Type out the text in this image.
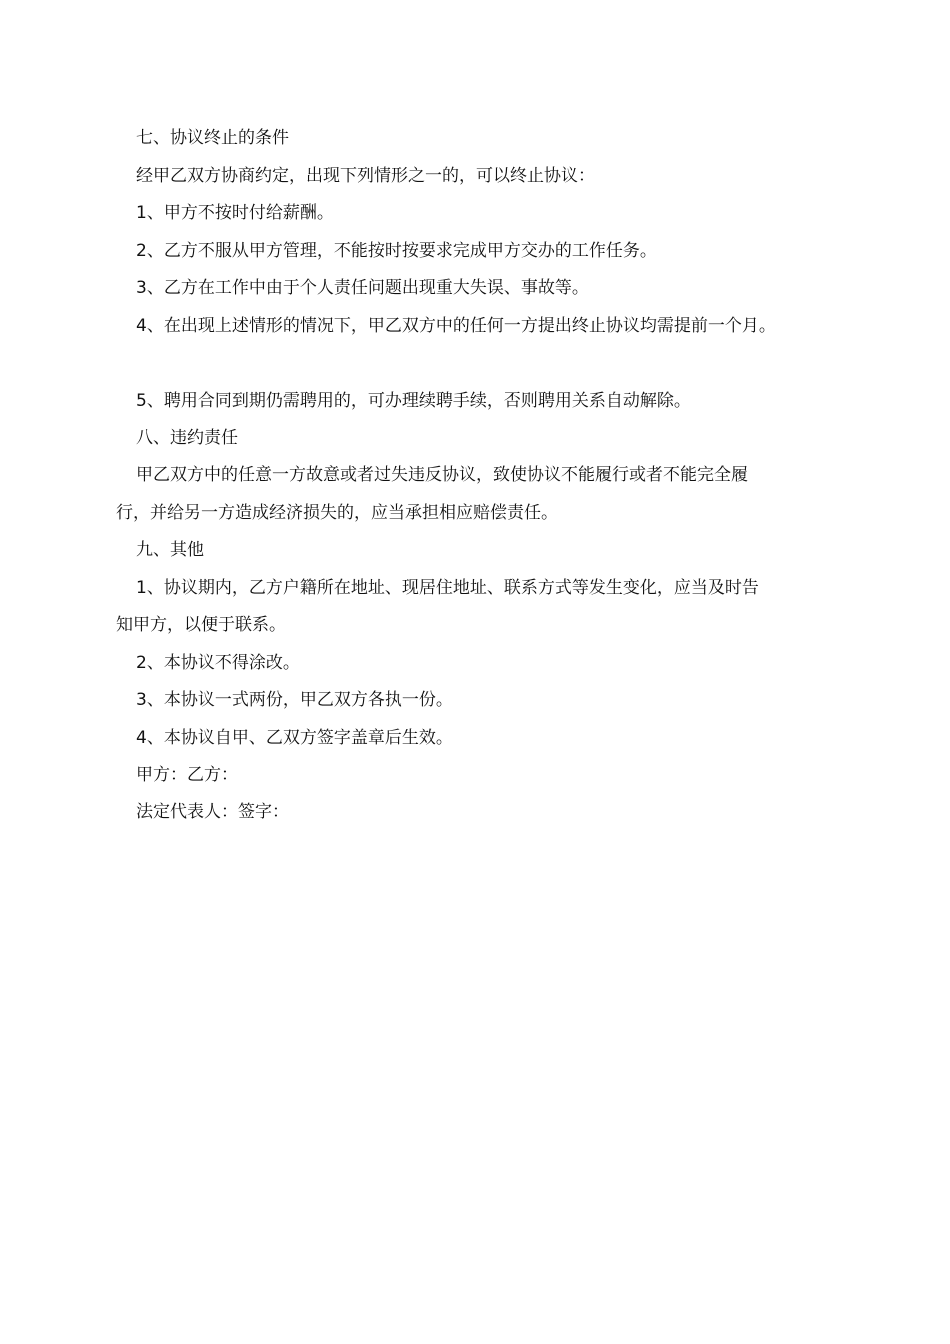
七、协议终止的条件
经甲乙双方协商约定，出现下列情形之一的，可以终止协议：
1、甲方不按时付给薪酬。
2、乙方不服从甲方管理，不能按时按要求完成甲方交办的工作任务。
3、乙方在工作中由于个人责任问题出现重大失误、事故等。
4、在出现上述情形的情况下，甲乙双方中的任何一方提出终止协议均需提前一个月。
5、聘用合同到期仍需聘用的，可办理续聘手续，否则聘用关系自动解除。
八、违约责任
甲乙双方中的任意一方故意或者过失违反协议，致使协议不能履行或者不能完全履
行，并给另一方造成经济损失的，应当承担相应赔偿责任。
九、其他
1、协议期内，乙方户籍所在地址、现居住地址、联系方式等发生变化，应当及时告
知甲方，以便于联系。
2、本协议不得涂改。
3、本协议一式两份，甲乙双方各执一份。
4、本协议自甲、乙双方签字盖章后生效。
甲方：乙方：
法定代表人：签字：
